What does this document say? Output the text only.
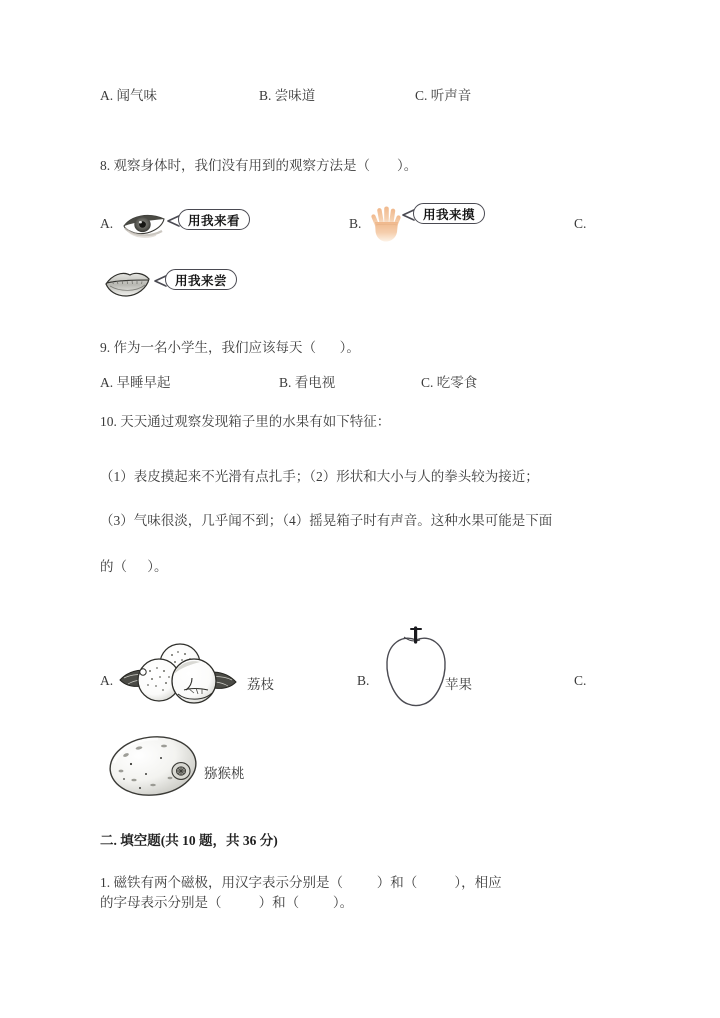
A. 闻气味	B. 尝味道	C. 听声音
8. 观察身体时，我们没有用到的观察方法是（        ）。
A.	用我来看	B.
用我来摸
C.
用我来尝
9. 作为一名小学生，我们应该每天（       ）。
A. 早睡早起	B. 看电视	C. 吃零食
10. 天天通过观察发现箱子里的水果有如下特征：
（1）表皮摸起来不光滑有点扎手；（2）形状和大小与人的拳头较为接近；
（3）气味很淡，几乎闻不到；（4）摇晃箱子时有声音。这种水果可能是下面
的（      ）。
A.	荔枝	B.	苹果	C.
猕猴桃
二. 填空题(共 10 题，共 36 分)
1. 磁铁有两个磁极，用汉字表示分别是（          ）和（           ），相应
的字母表示分别是（           ）和（          ）。
